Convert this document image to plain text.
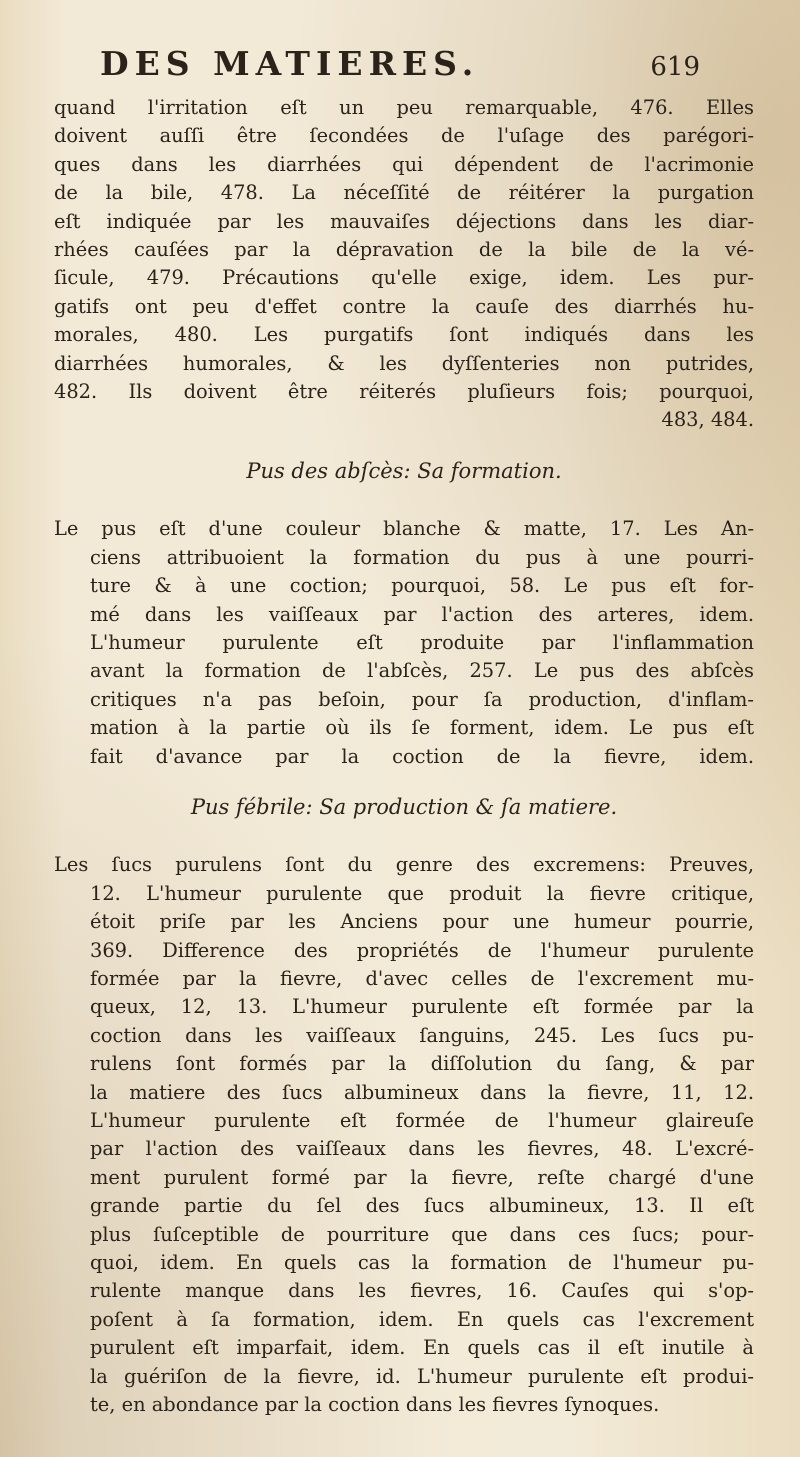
DES MATIERES.	619
quand l'irritation eſt un peu remarquable, 476. Elles
doivent auſſi être ſecondées de l'uſage des parégori-
ques dans les diarrhées qui dépendent de l'acrimonie
de la bile, 478. La néceſſité de réitérer la purgation
eſt indiquée par les mauvaiſes déjections dans les diar-
rhées cauſées par la dépravation de la bile de la vé-
ſicule, 479. Précautions qu'elle exige, idem. Les pur-
gatifs ont peu d'effet contre la cauſe des diarrhés hu-
morales, 480. Les purgatifs ſont indiqués dans les
diarrhées humorales, & les dyſſenteries non putrides,
482. Ils doivent être réiterés pluſieurs fois; pourquoi,
483, 484.
Pus des abſcès: Sa formation.
Le pus eſt d'une couleur blanche & matte, 17. Les An-
ciens attribuoient la formation du pus à une pourri-
ture & à une coction; pourquoi, 58. Le pus eſt for-
mé dans les vaiſſeaux par l'action des arteres, idem.
L'humeur purulente eſt produite par l'inflammation
avant la formation de l'abſcès, 257. Le pus des abſcès
critiques n'a pas beſoin, pour ſa production, d'inflam-
mation à la partie où ils ſe forment, idem. Le pus eſt
fait d'avance par la coction de la fievre, idem.
Pus fébrile: Sa production & ſa matiere.
Les ſucs purulens ſont du genre des excremens: Preuves,
12. L'humeur purulente que produit la fievre critique,
étoit priſe par les Anciens pour une humeur pourrie,
369. Difference des propriétés de l'humeur purulente
formée par la fievre, d'avec celles de l'excrement mu-
queux, 12, 13. L'humeur purulente eſt formée par la
coction dans les vaiſſeaux ſanguins, 245. Les ſucs pu-
rulens ſont formés par la diſſolution du ſang, & par
la matiere des ſucs albumineux dans la fievre, 11, 12.
L'humeur purulente eſt formée de l'humeur glaireuſe
par l'action des vaiſſeaux dans les fievres, 48. L'excré-
ment purulent formé par la fievre, reſte chargé d'une
grande partie du ſel des ſucs albumineux, 13. Il eſt
plus ſuſceptible de pourriture que dans ces ſucs; pour-
quoi, idem. En quels cas la formation de l'humeur pu-
rulente manque dans les fievres, 16. Cauſes qui s'op-
poſent à ſa formation, idem. En quels cas l'excrement
purulent eſt imparfait, idem. En quels cas il eſt inutile à
la guériſon de la fievre, id. L'humeur purulente eſt produi-
te, en abondance par la coction dans les fievres ſynoques.
